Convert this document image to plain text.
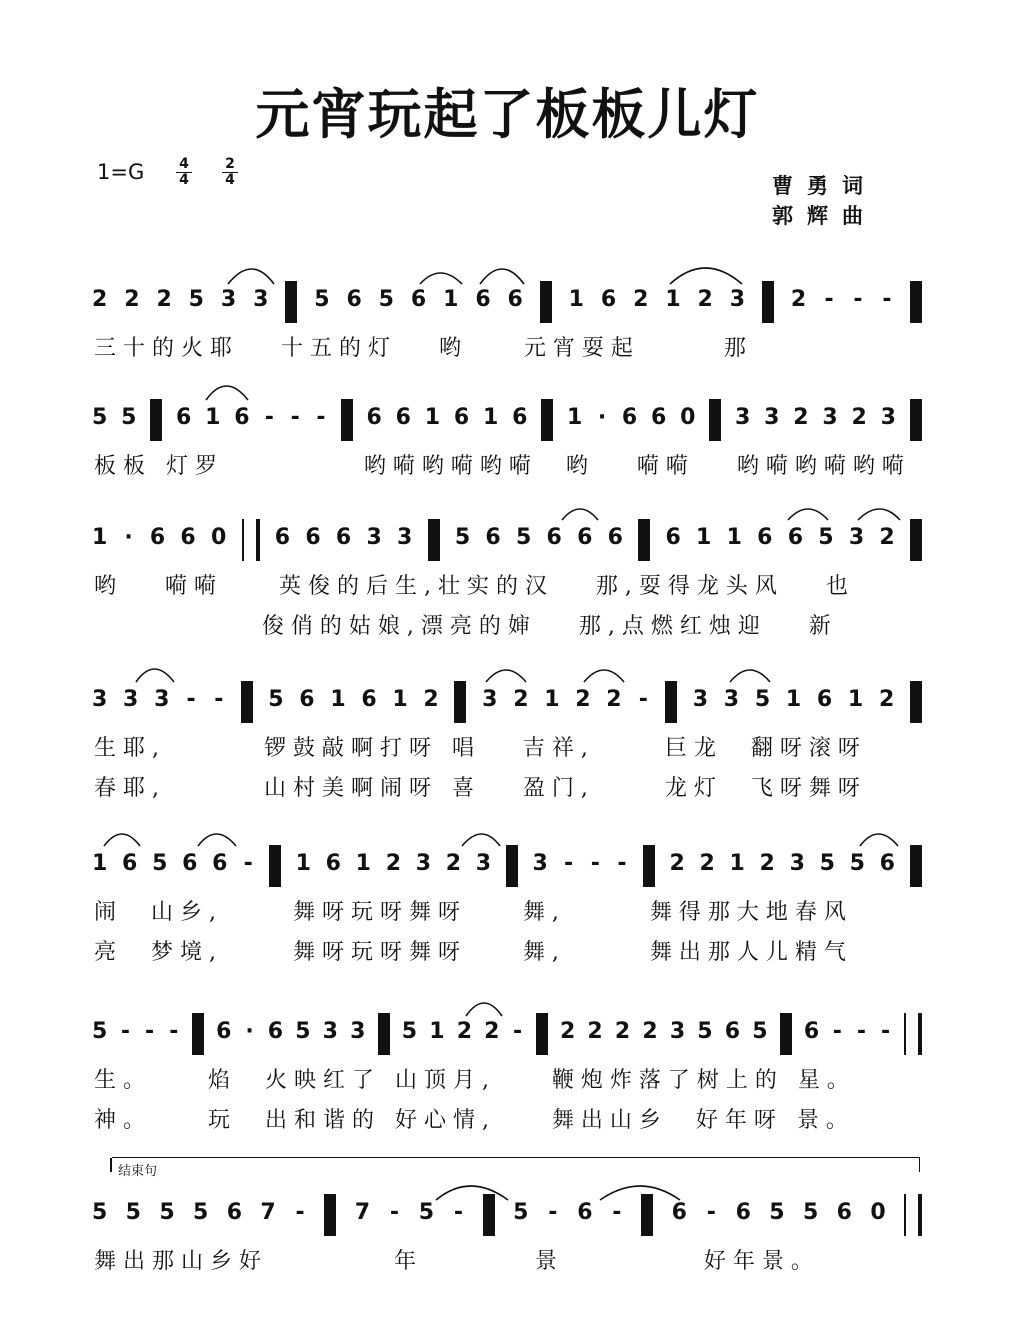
元宵玩起了板板儿灯
1=G 4
4
2
4	曹勇词
郭辉曲
2 2 2 5 3 3 5 6 5 6 1 6 6 1 6 2 1 2 3 2 - - -
三十的火耶   十五的灯   哟    元宵耍起      那
5 5 6 1 6 - - - 6 6 1 6 1 6 1 · 6 6 0 3 3 2 3 2 3
板板 灯罗          哟嗬哟嗬哟嗬  哟   嗬嗬   哟嗬哟嗬哟嗬
1 · 6 6 0 6 6 6 3 3 5 6 5 6 6 6 6 1 1 6 6 5 3 2
哟   嗬嗬    英俊的后生,壮实的汉   那,耍得龙头风   也
俊俏的姑娘,漂亮的婶   那,点燃红烛迎   新
3 3 3 - - 5 6 1 6 1 2 3 2 1 2 2 - 3 3 5 1 6 1 2
生耶,       锣鼓敲啊打呀 唱   吉祥,     巨龙  翻呀滚呀
春耶,       山村美啊闹呀 喜   盈门,     龙灯  飞呀舞呀
1 6 5 6 6 - 1 6 1 2 3 2 3 3 - - - 2 2 1 2 3 5 5 6
闹  山乡,     舞呀玩呀舞呀    舞,      舞得那大地春风
亮  梦境,     舞呀玩呀舞呀    舞,      舞出那人儿精气
5 - - - 6 · 6 5 3 3 5 1 2 2 - 2 2 2 2 3 5 6 5 6 - - -
生。    焰  火映红了 山顶月,    鞭炮炸落了树上的 星。
神。    玩  出和谐的 好心情,    舞出山乡  好年呀 景。
结束句
5 5 5 5 6 7 - 7 - 5 - 5 - 6 - 6 - 6 5 5 6 0
舞出那山乡好         年        景          好年景。
